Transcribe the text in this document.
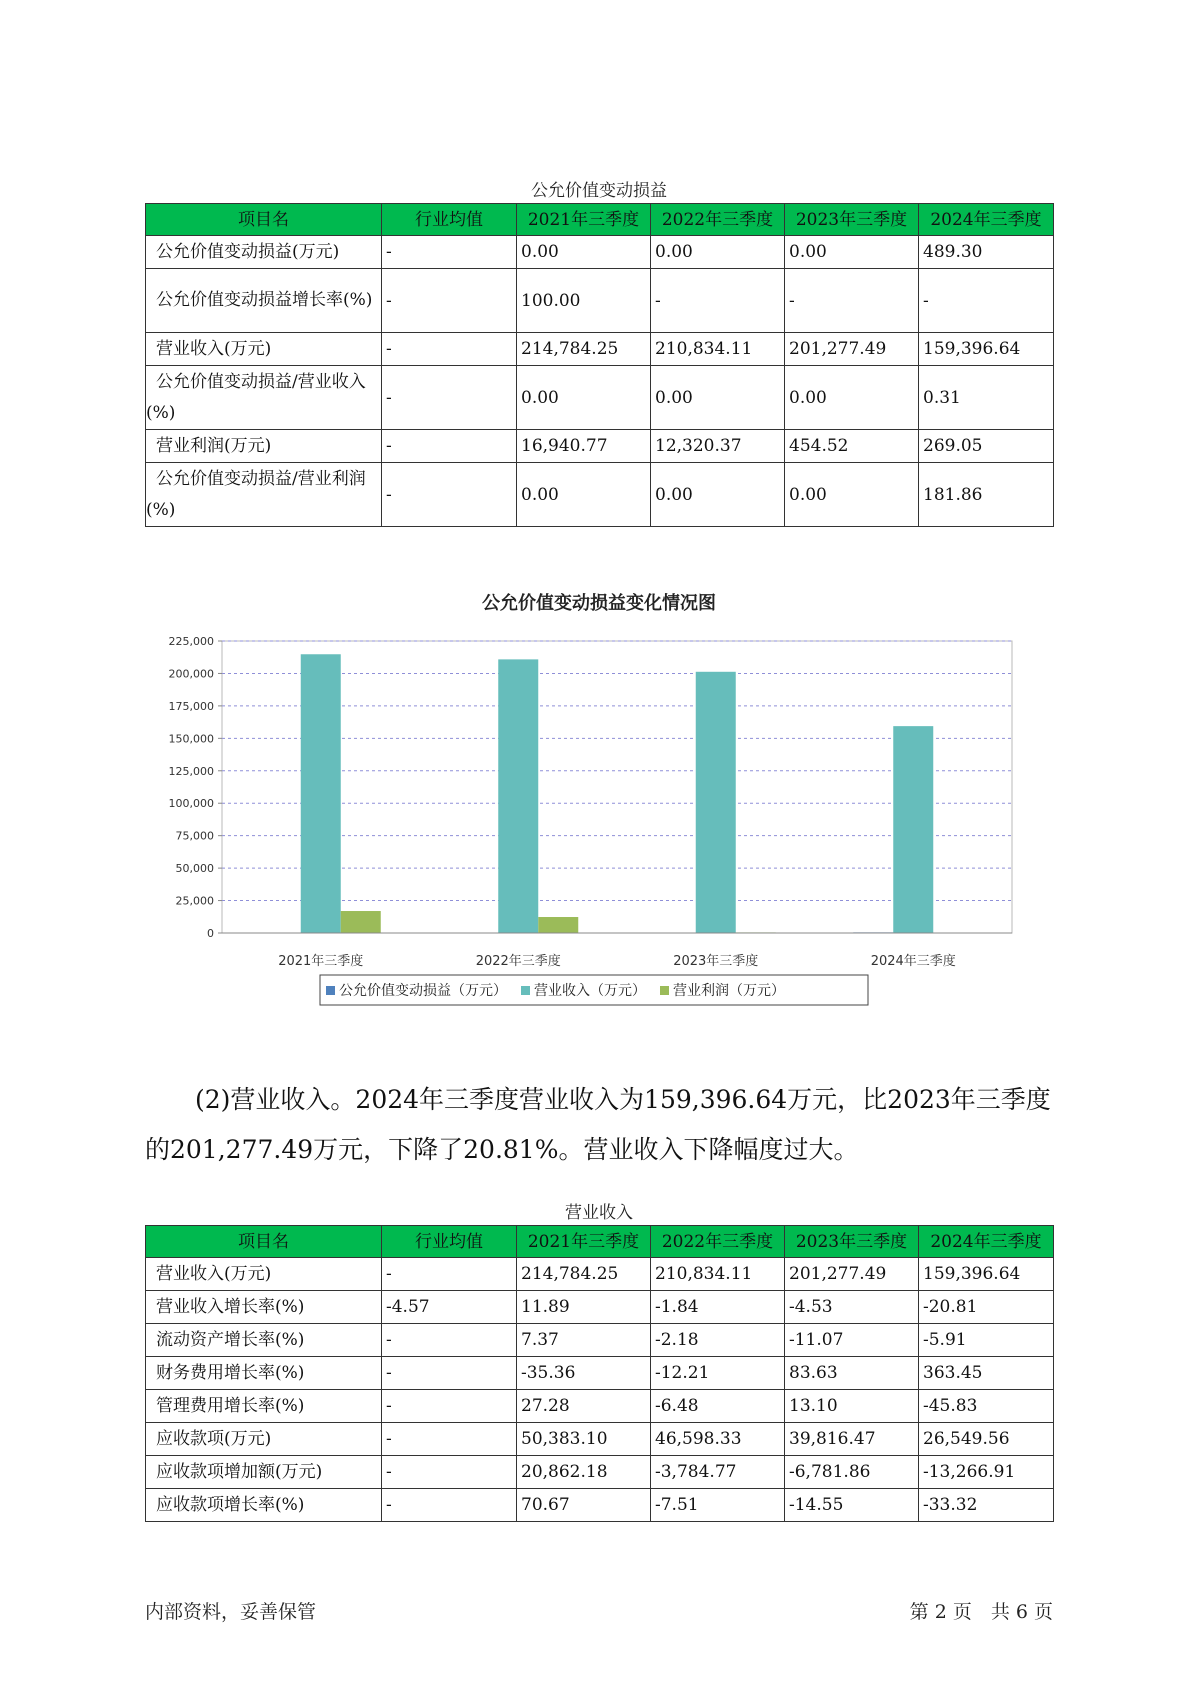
公允价值变动损益
项目名	行业均值	2021年三季度	2022年三季度	2023年三季度	2024年三季度
公允价值变动损益(万元)	-	0.00	0.00	0.00	489.30
公允价值变动损益增长率(%)	-	100.00	-	-	-
营业收入(万元)	-	214,784.25	210,834.11	201,277.49	159,396.64
公允价值变动损益/营业收入(%)	-	0.00	0.00	0.00	0.31
营业利润(万元)	-	16,940.77	12,320.37	454.52	269.05
公允价值变动损益/营业利润(%)	-	0.00	0.00	0.00	181.86
公允价值变动损益变化情况图
0
25,000
50,000
75,000
100,000
125,000
150,000
175,000
200,000
225,000
2021年三季度	2022年三季度	2023年三季度	2024年三季度
公允价值变动损益（万元） 营业收入（万元） 营业利润（万元）
(2)营业收入。2024年三季度营业收入为159,396.64万元，比2023年三季度的201,277.49万元，下降了20.81%。营业收入下降幅度过大。
营业收入
项目名	行业均值	2021年三季度	2022年三季度	2023年三季度	2024年三季度
营业收入(万元)	-	214,784.25	210,834.11	201,277.49	159,396.64
营业收入增长率(%)	-4.57	11.89	-1.84	-4.53	-20.81
流动资产增长率(%)	-	7.37	-2.18	-11.07	-5.91
财务费用增长率(%)	-	-35.36	-12.21	83.63	363.45
管理费用增长率(%)	-	27.28	-6.48	13.10	-45.83
应收款项(万元)	-	50,383.10	46,598.33	39,816.47	26,549.56
应收款项增加额(万元)	-	20,862.18	-3,784.77	-6,781.86	-13,266.91
应收款项增长率(%)	-	70.67	-7.51	-14.55	-33.32
内部资料，妥善保管	第 2 页　共 6 页
